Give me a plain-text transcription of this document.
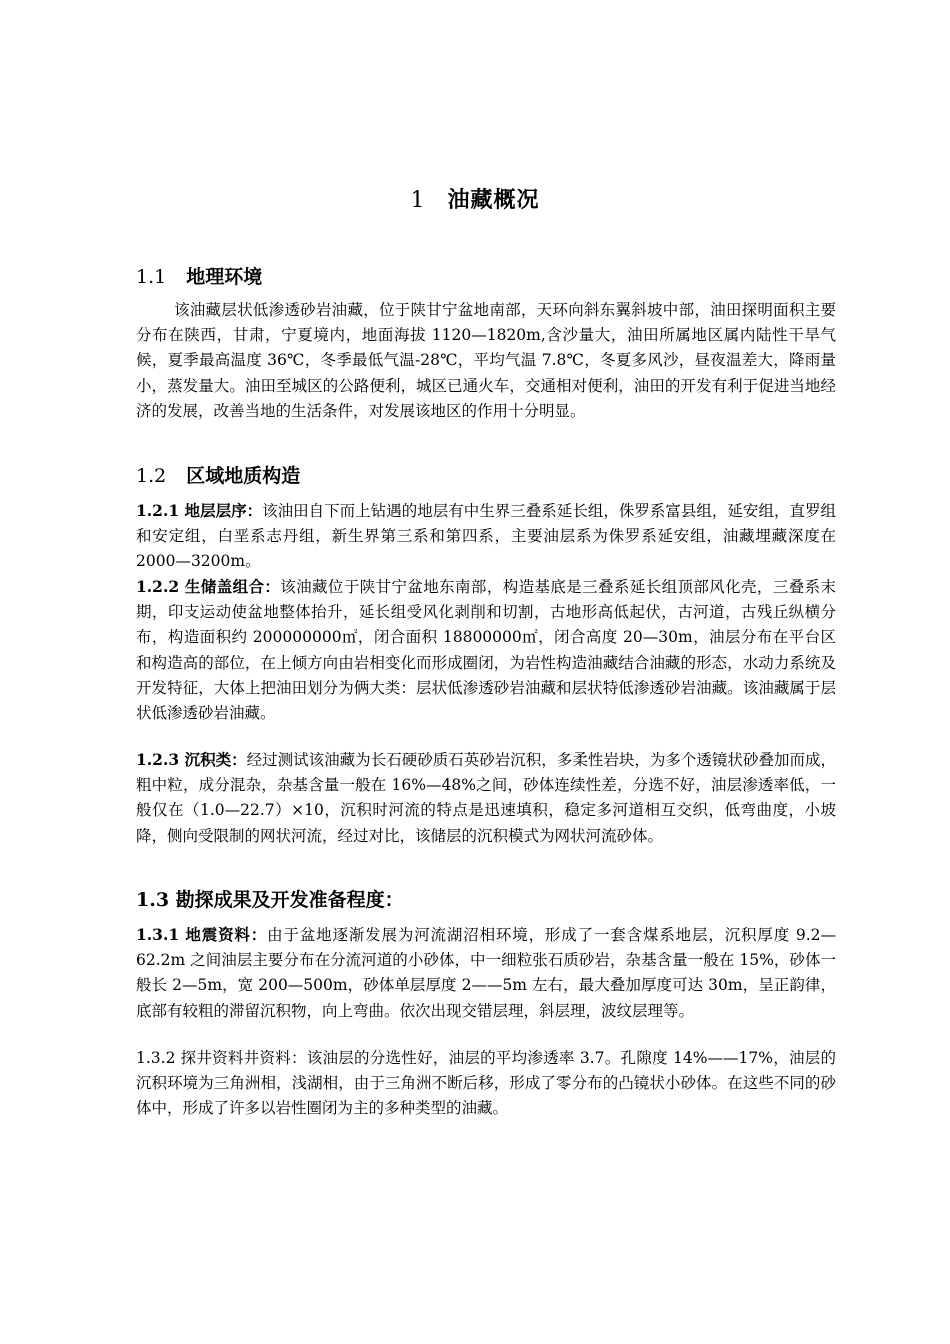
1 油藏概况
1.1 地理环境
该油藏层状低渗透砂岩油藏，位于陕甘宁盆地南部，天环向斜东翼斜坡中部，油田探明面积主要分布在陕西，甘肃，宁夏境内，地面海拔 1120—1820m,含沙量大，油田所属地区属内陆性干旱气候，夏季最高温度 36℃，冬季最低气温-28℃，平均气温 7.8℃，冬夏多风沙，昼夜温差大，降雨量小，蒸发量大。油田至城区的公路便利，城区已通火车，交通相对便利，油田的开发有利于促进当地经济的发展，改善当地的生活条件，对发展该地区的作用十分明显。
1.2 区域地质构造
1.2.1 地层层序：该油田自下而上钻遇的地层有中生界三叠系延长组，侏罗系富县组，延安组，直罗组和安定组，白垩系志丹组，新生界第三系和第四系，主要油层系为侏罗系延安组，油藏埋藏深度在 2000—3200m。
1.2.2 生储盖组合：该油藏位于陕甘宁盆地东南部，构造基底是三叠系延长组顶部风化壳，三叠系末期，印支运动使盆地整体抬升，延长组受风化剥削和切割，古地形高低起伏，古河道，古残丘纵横分布，构造面积约 200000000㎡，闭合面积 18800000㎡，闭合高度 20—30m，油层分布在平台区和构造高的部位，在上倾方向由岩相变化而形成圈闭，为岩性构造油藏结合油藏的形态，水动力系统及开发特征，大体上把油田划分为俩大类：层状低渗透砂岩油藏和层状特低渗透砂岩油藏。该油藏属于层状低渗透砂岩油藏。
1.2.3 沉积类：经过测试该油藏为长石硬砂质石英砂岩沉积，多柔性岩块，为多个透镜状砂叠加而成，粗中粒，成分混杂，杂基含量一般在 16%—48%之间，砂体连续性差，分选不好，油层渗透率低，一般仅在（1.0—22.7）×10，沉积时河流的特点是迅速填积，稳定多河道相互交织，低弯曲度，小坡降，侧向受限制的网状河流，经过对比，该储层的沉积模式为网状河流砂体。
1.3 勘探成果及开发准备程度：
1.3.1 地震资料：由于盆地逐渐发展为河流湖沼相环境，形成了一套含煤系地层，沉积厚度 9.2—62.2m 之间油层主要分布在分流河道的小砂体，中一细粒张石质砂岩，杂基含量一般在 15%，砂体一般长 2—5m，宽 200—500m，砂体单层厚度 2——5m 左右，最大叠加厚度可达 30m，呈正韵律，底部有较粗的滞留沉积物，向上弯曲。依次出现交错层理，斜层理，波纹层理等。
1.3.2 探井资料井资料：该油层的分选性好，油层的平均渗透率 3.7。孔隙度 14%——17%，油层的沉积环境为三角洲相，浅湖相，由于三角洲不断后移，形成了零分布的凸镜状小砂体。在这些不同的砂体中，形成了许多以岩性圈闭为主的多种类型的油藏。
